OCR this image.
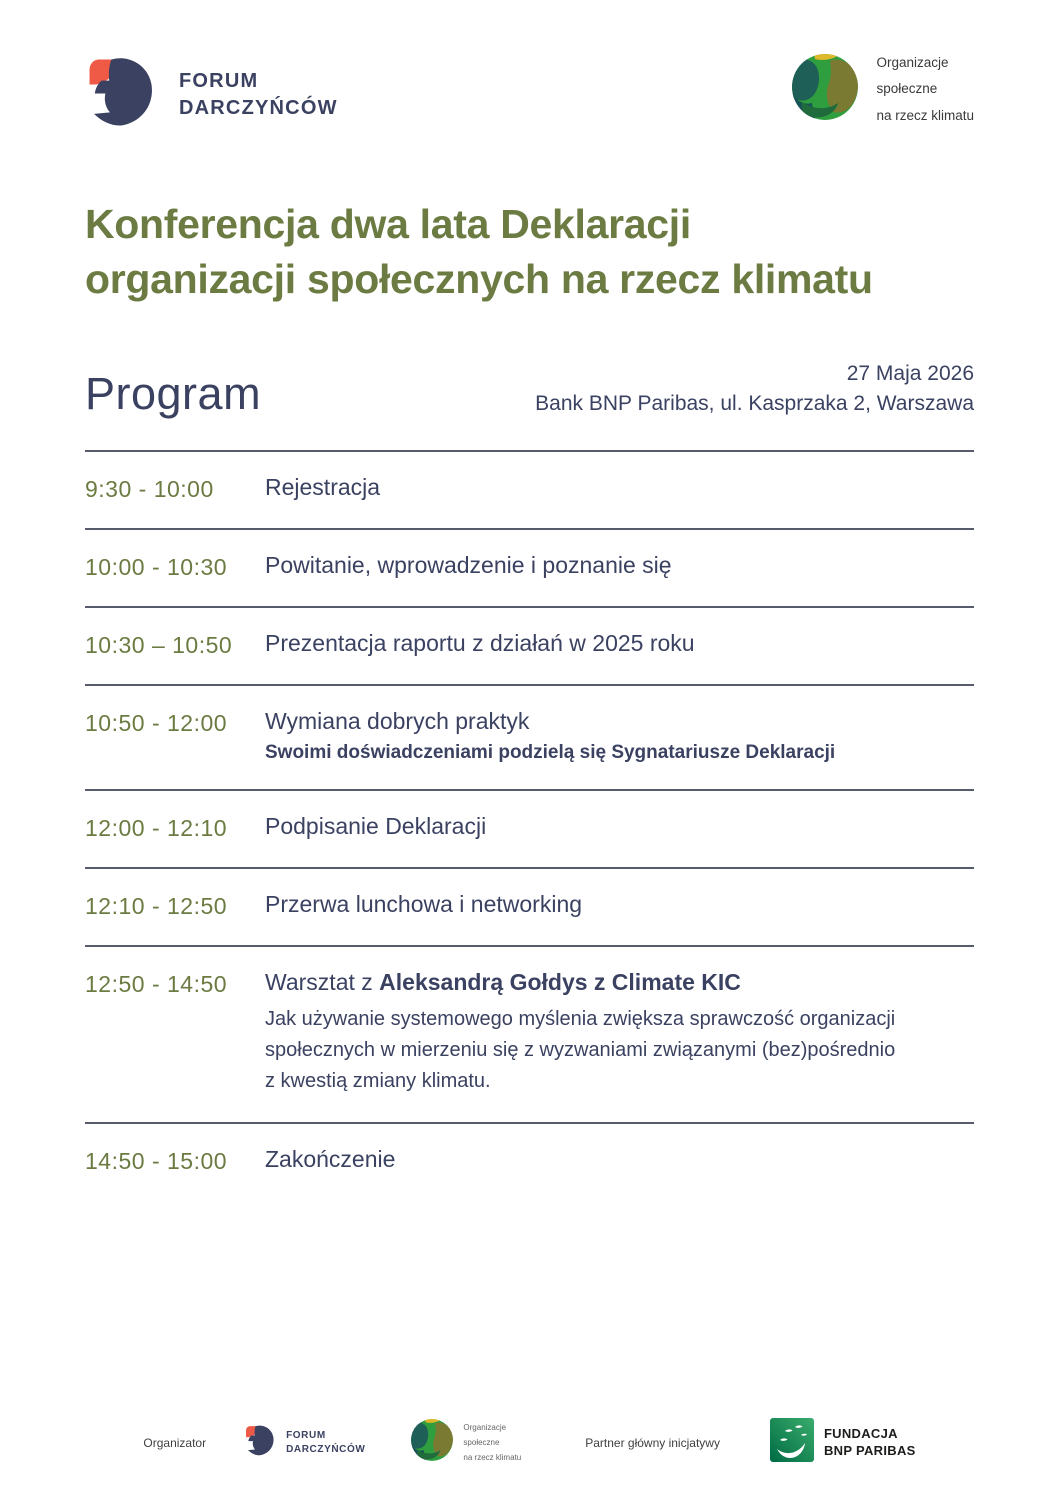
FORUM
DARCZYŃCÓW
Organizacje
społeczne
na rzecz klimatu
Konferencja dwa lata Deklaracji
organizacji społecznych na rzecz klimatu
Program	27 Maja 2026
Bank BNP Paribas, ul. Kasprzaka 2, Warszawa
9:30 - 10:00	Rejestracja
10:00 - 10:30	Powitanie, wprowadzenie i poznanie się
10:30 – 10:50	Prezentacja raportu z działań w 2025 roku
10:50 - 12:00	Wymiana dobrych praktyk
Swoimi doświadczeniami podzielą się Sygnatariusze Deklaracji
12:00 - 12:10	Podpisanie Deklaracji
12:10 - 12:50	Przerwa lunchowa i networking
12:50 - 14:50	Warsztat z Aleksandrą Gołdys z Climate KIC
Jak używanie systemowego myślenia zwiększa sprawczość organizacji społecznych w mierzeniu się z wyzwaniami związanymi (bez)pośrednio z kwestią zmiany klimatu.
14:50 - 15:00	Zakończenie
Organizator
FORUM
DARCZYŃCÓW
Organizacje
społeczne
na rzecz klimatu
Partner główny inicjatywy
FUNDACJA
BNP PARIBAS
